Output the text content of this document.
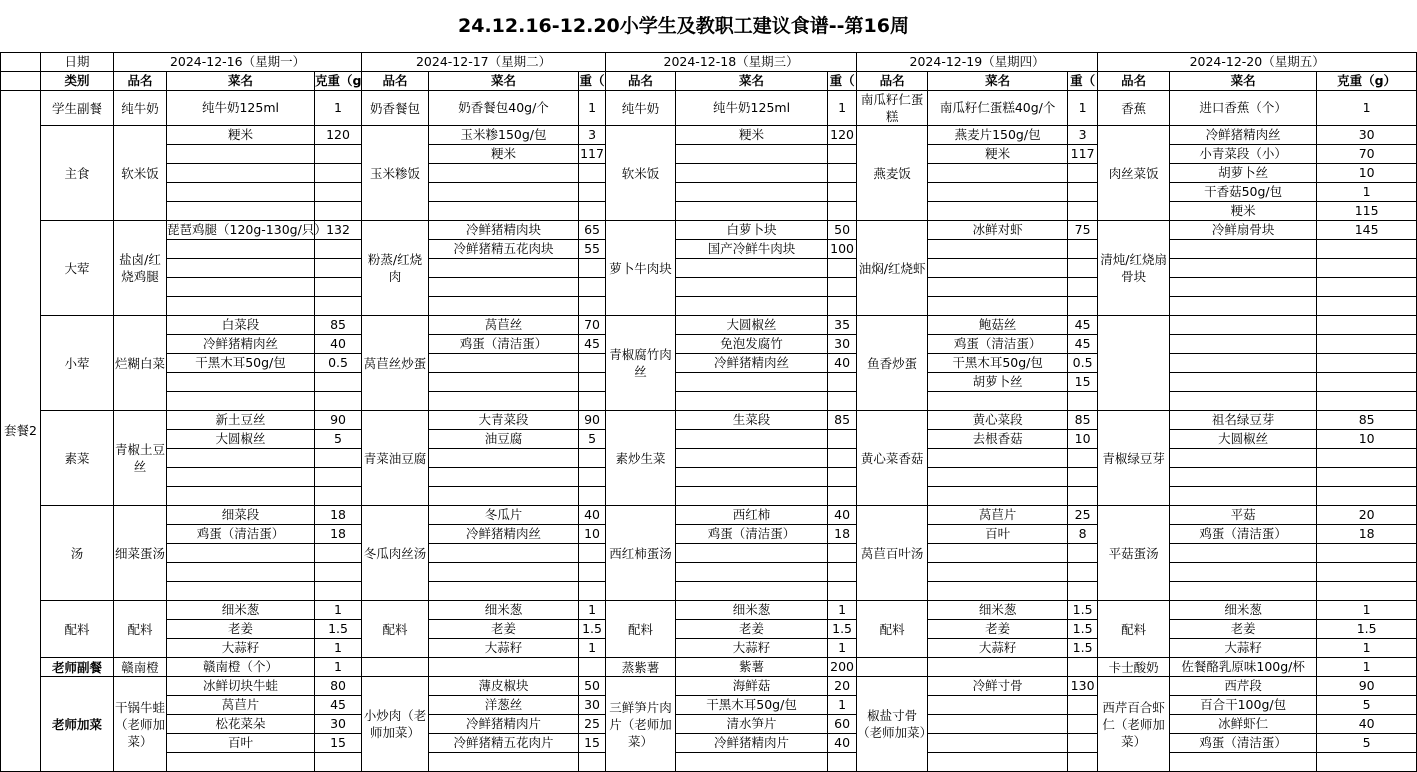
24.12.16-12.20小学生及教职工建议食谱--第16周
	日期	2024-12-16（星期一）			2024-12-17（星期二）			2024-12-18（星期三）			2024-12-19（星期四）			2024-12-20（星期五）		
	类别	品名	菜名	克重（g	品名	菜名	重（	品名	菜名	重（	品名	菜名	重（	品名	菜名	克重（g）
套餐2	学生副餐	纯牛奶	纯牛奶125ml	1	奶香餐包	奶香餐包40g/个	1	纯牛奶	纯牛奶125ml	1	南瓜籽仁蛋糕	南瓜籽仁蛋糕40g/个	1	香蕉	进口香蕉（个）	1
	主食	软米饭	粳米	120	玉米糁饭	玉米糁150g/包	3	软米饭	粳米	120	燕麦饭	燕麦片150g/包	3	肉丝菜饭	冷鲜猪精肉丝	30
						粳米	117					粳米	117		小青菜段（小）	70
															胡萝卜丝	10
															干香菇50g/包	1
															粳米	115
	大荤	盐卤/红烧鸡腿	琵琶鸡腿（120g-130g/只）	132	粉蒸/红烧肉	冷鲜猪精肉块	65	萝卜牛肉块	白萝卜块	50	油焖/红烧虾	冰鲜对虾	75	清炖/红烧扇骨块	冷鲜扇骨块	145
						冷鲜猪精五花肉块	55		国产冷鲜牛肉块	100						

	小荤	烂糊白菜	白菜段	85	莴苣丝炒蛋	莴苣丝	70	青椒腐竹肉丝	大圆椒丝	35	鱼香炒蛋	鲍菇丝	45			
			冷鲜猪精肉丝	40		鸡蛋（清洁蛋）	45		免泡发腐竹	30		鸡蛋（清洁蛋）	45			
			干黑木耳50g/包	0.5					冷鲜猪精肉丝	40		干黑木耳50g/包	0.5			
												胡萝卜丝	15			

	素菜	青椒土豆丝	新土豆丝	90	青菜油豆腐	大青菜段	90	素炒生菜	生菜段	85	黄心菜香菇	黄心菜段	85	青椒绿豆芽	祖名绿豆芽	85
			大圆椒丝	5		油豆腐	5					去根香菇	10		大圆椒丝	10

	汤	细菜蛋汤	细菜段	18	冬瓜肉丝汤	冬瓜片	40	西红柿蛋汤	西红柿	40	莴苣百叶汤	莴苣片	25	平菇蛋汤	平菇	20
			鸡蛋（清洁蛋）	18		冷鲜猪精肉丝	10		鸡蛋（清洁蛋）	18		百叶	8		鸡蛋（清洁蛋）	18

	配料	配料	细米葱	1	配料	细米葱	1	配料	细米葱	1	配料	细米葱	1.5	配料	细米葱	1
			老姜	1.5		老姜	1.5		老姜	1.5		老姜	1.5		老姜	1.5
			大蒜籽	1		大蒜籽	1		大蒜籽	1		大蒜籽	1.5		大蒜籽	1
	老师副餐	赣南橙	赣南橙（个）	1				蒸紫薯	紫薯	200				卡士酸奶	佐餐酪乳原味100g/杯	1
	老师加菜	干锅牛蛙（老师加菜）	冰鲜切块牛蛙	80	小炒肉（老师加菜）	薄皮椒块	50	三鲜笋片肉片（老师加菜）	海鲜菇	20	椒盐寸骨（老师加菜）	冷鲜寸骨	130	西芹百合虾仁（老师加菜）	西芹段	90
			莴苣片	45		洋葱丝	30		干黑木耳50g/包	1					百合干100g/包	5
			松花菜朵	30		冷鲜猪精肉片	25		清水笋片	60					冰鲜虾仁	40
			百叶	15		冷鲜猪精五花肉片	15		冷鲜猪精肉片	40					鸡蛋（清洁蛋）	5
